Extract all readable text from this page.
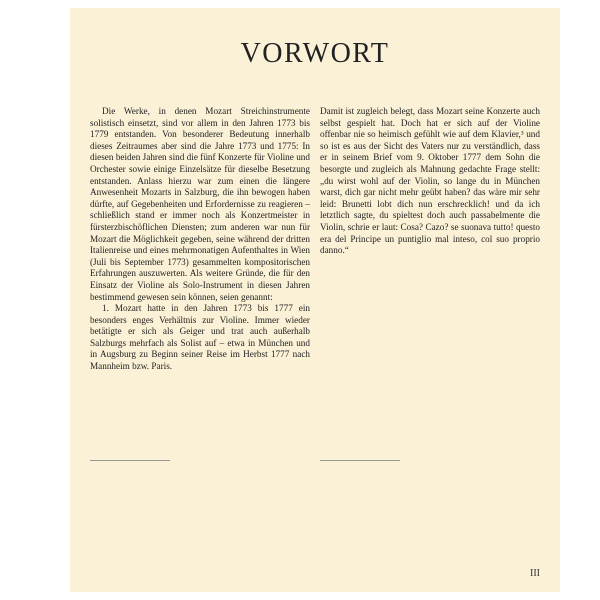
VORWORT

Die Werke, in denen Mozart Streichinstrumente solistisch einsetzt, sind vor allem in den Jahren 1773 bis 1779 entstanden. Von besonderer Bedeutung innerhalb dieses Zeitraumes aber sind die Jahre 1773 und 1775: In diesen beiden Jahren sind die fünf Konzerte für Violine und Orchester sowie einige Einzelsätze für dieselbe Besetzung entstanden. Anlass hierzu war zum einen die längere Anwesenheit Mozarts in Salzburg, die ihn bewogen haben dürfte, auf Gegebenheiten und Erfordernisse zu reagieren – schließlich stand er immer noch als Konzertmeister in fürsterzbischöflichen Diensten; zum anderen war nun für Mozart die Möglichkeit gegeben, seine während der dritten Italienreise und eines mehrmonatigen Aufenthaltes in Wien (Juli bis September 1773) gesammelten kompositorischen Erfahrungen auszuwerten. Als weitere Gründe, die für den Einsatz der Violine als Solo-Instrument in diesen Jahren bestimmend gewesen sein können, seien genannt:

1. Mozart hatte in den Jahren 1773 bis 1777 ein besonders enges Verhältnis zur Violine. Immer wieder betätigte er sich als Geiger und trat auch außerhalb Salzburgs mehrfach als Solist auf – etwa in München und in Augsburg zu Beginn seiner Reise im Herbst 1777 nach Mannheim bzw. Paris.

Damit ist zugleich belegt, dass Mozart seine Konzerte auch selbst gespielt hat. Doch hat er sich auf der Violine offenbar nie so heimisch gefühlt wie auf dem Klavier,³ und so ist es aus der Sicht des Vaters nur zu verständlich, dass er in seinem Brief vom 9. Oktober 1777 dem Sohn die besorgte und zugleich als Mahnung gedachte Frage stellt: „du wirst wohl auf der Violin, so lange du in München warst, dich gar nicht mehr geübt haben? das wäre mir sehr leid: Brunetti lobt dich nun erschrecklich! und da ich letztlich sagte, du spieltest doch auch passabelmente die Violin, schrie er laut: Cosa? Cazo? se suonava tutto! questo era del Principe un puntiglio mal inteso, col suo proprio danno.“

III
